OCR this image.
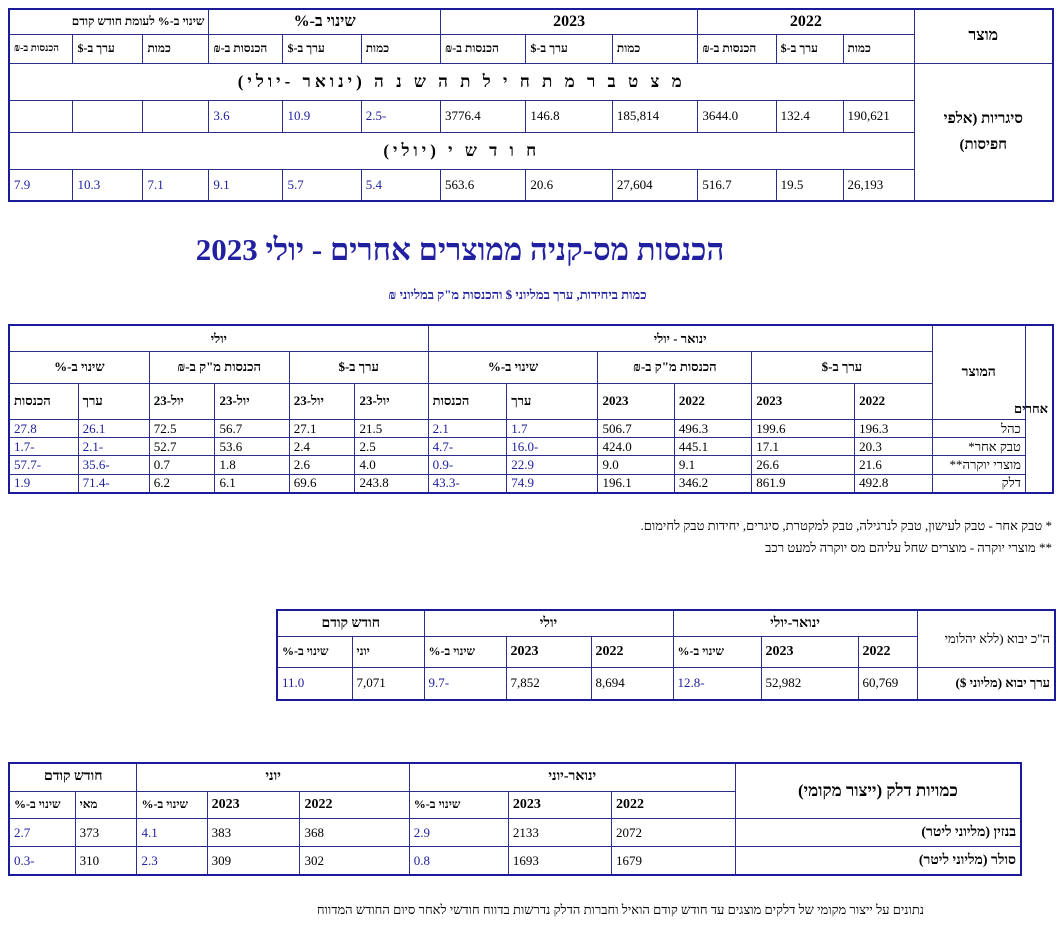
מוצר	2022			2023			שינוי ב-%			שינוי ב-% לעומת חודש קודם		
	כמות	ערך ב-$	הכנסות ב-₪	כמות	ערך ב-$	הכנסות ב-₪	כמות	ערך ב-$	הכנסות ב-₪	כמות	ערך ב-$	הכנסות ב-₪
סיגריות (אלפי חפיסות)	מ צ ט ב ר מ ת ח י ל ת ה ש נ ה (ינואר -יולי)											
	190,621	132.4	3644.0	185,814	146.8	3776.4	-2.5	10.9	3.6			
	ח ו ד ש י (יולי)											
	26,193	19.5	516.7	27,604	20.6	563.6	5.4	5.7	9.1	7.1	10.3	7.9
הכנסות מס-קניה ממוצרים אחרים - יולי 2023
כמות ביחידות, ערך במליוני $ והכנסות מ"ק במליוני ₪
אחרים	המוצר	ינואר - יולי						יולי					
		ערך ב-$		הכנסות מ"ק ב-₪		שינוי ב-%		ערך ב-$		הכנסות מ"ק ב-₪		שינוי ב-%	
		2022	2023	2022	2023	ערך	הכנסות	יול-23	יול-23	יול-23	יול-23	ערך	הכנסות
	כהל	196.3	199.6	496.3	506.7	1.7	2.1	21.5	27.1	56.7	72.5	26.1	27.8
	טבק אחר*	20.3	17.1	445.1	424.0	-16.0	-4.7	2.5	2.4	53.6	52.7	-2.1	-1.7
	מוצרי יוקרה**	21.6	26.6	9.1	9.0	22.9	-0.9	4.0	2.6	1.8	0.7	-35.6	-57.7
	דלק	492.8	861.9	346.2	196.1	74.9	-43.3	243.8	69.6	6.1	6.2	-71.4	1.9
* טבק אחר - טבק לעישון, טבק לנרגילה, טבק למקטרת, סיגרים, יחידות טבק לחימום.
** מוצרי יוקרה - מוצרים שחל עליהם מס יוקרה למעט רכב
ה"כ יבוא (ללא יהלומי	ינואר-יולי			יולי			חודש קודם	
	2022	2023	שינוי ב-%	2022	2023	שינוי ב-%	יוני	שינוי ב-%
ערך יבוא (מליוני $)	60,769	52,982	-12.8	8,694	7,852	-9.7	7,071	11.0
כמויות דלק (ייצור מקומי)	ינואר-יוני			יוני			חודש קודם	
	2022	2023	שינוי ב-%	2022	2023	שינוי ב-%	מאי	שינוי ב-%
בנזין (מליוני ליטר)	2072	2133	2.9	368	383	4.1	373	2.7
סולר (מליוני ליטר)	1679	1693	0.8	302	309	2.3	310	-0.3
נתונים על ייצור מקומי של דלקים מוצגים עד חודש קודם הואיל וחברות הדלק נדרשות בדווח חודשי לאחר סיום החודש המדווח
